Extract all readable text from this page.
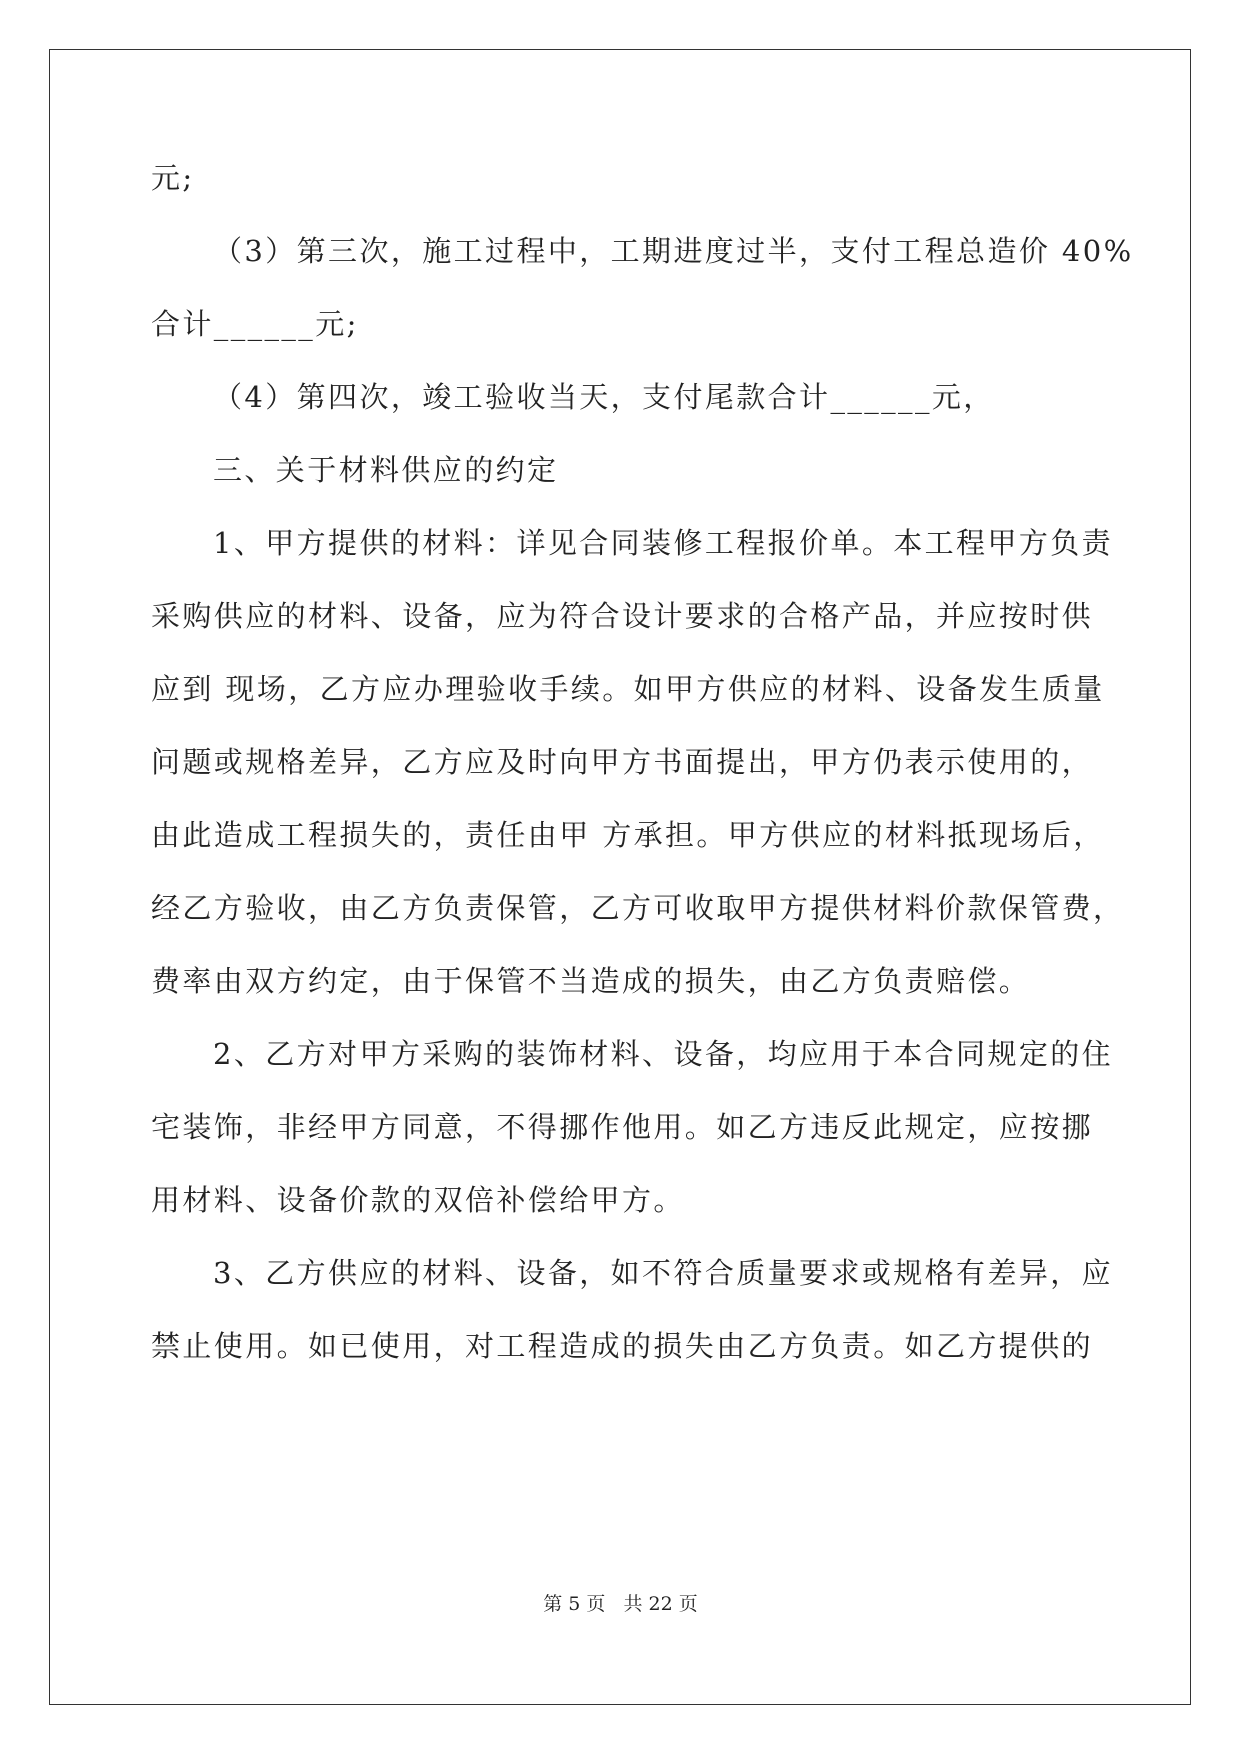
元;

（3）第三次，施工过程中，工期进度过半，支付工程总造价 40%

合计______元;

（4）第四次，竣工验收当天，支付尾款合计______元，

三、关于材料供应的约定

1、甲方提供的材料：详见合同装修工程报价单。本工程甲方负责

采购供应的材料、设备，应为符合设计要求的合格产品，并应按时供

应到 现场，乙方应办理验收手续。如甲方供应的材料、设备发生质量

问题或规格差异，乙方应及时向甲方书面提出，甲方仍表示使用的，

由此造成工程损失的，责任由甲 方承担。甲方供应的材料抵现场后，

经乙方验收，由乙方负责保管，乙方可收取甲方提供材料价款保管费，

费率由双方约定，由于保管不当造成的损失，由乙方负责赔偿。

2、乙方对甲方采购的装饰材料、设备，均应用于本合同规定的住

宅装饰，非经甲方同意，不得挪作他用。如乙方违反此规定，应按挪

用材料、设备价款的双倍补偿给甲方。

3、乙方供应的材料、设备，如不符合质量要求或规格有差异，应

禁止使用。如已使用，对工程造成的损失由乙方负责。如乙方提供的

第 5 页 共 22 页
